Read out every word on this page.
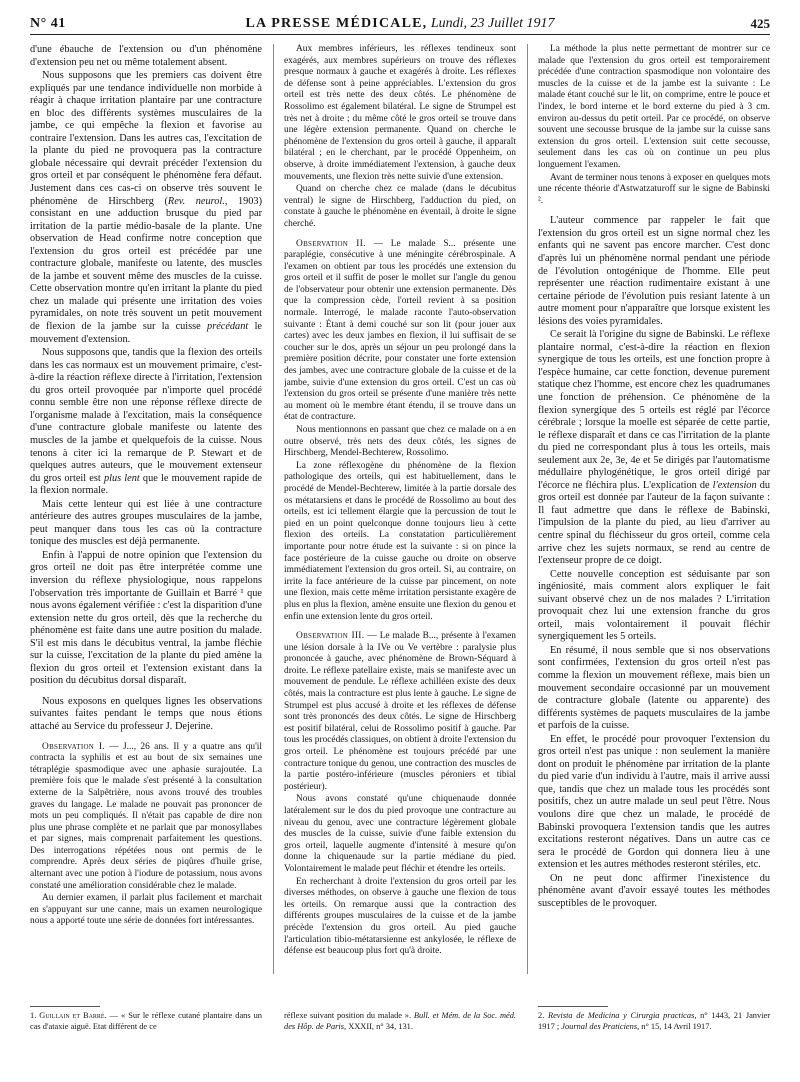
N° 41	LA PRESSE MÉDICALE, Lundi, 23 Juillet 1917	425

d'une ébauche de l'extension ou d'un phénomène d'extension peu net ou même totalement absent.

Nous supposons que les premiers cas doivent être expliqués par une tendance individuelle non morbide à réagir à chaque irritation plantaire par une contracture en bloc des différents systèmes musculaires de la jambe, ce qui empêche la flexion et favorise au contraire l'extension. Dans les autres cas, l'excitation de la plante du pied ne provoquera pas la contracture globale nécessaire qui devrait précéder l'extension du gros orteil et par conséquent le phénomène fera défaut. Justement dans ces cas-ci on observe très souvent le phénomène de Hirschberg (Rev. neurol., 1903) consistant en une adduction brusque du pied par irritation de la partie médio-basale de la plante. Une observation de Head confirme notre conception que l'extension du gros orteil est précédée par une contracture globale, manifeste ou latente, des muscles de la jambe et souvent même des muscles de la cuisse. Cette observation montre qu'en irritant la plante du pied chez un malade qui présente une irritation des voies pyramidales, on note très souvent un petit mouvement de flexion de la jambe sur la cuisse précédant le mouvement d'extension.

Nous supposons que, tandis que la flexion des orteils dans les cas normaux est un mouvement primaire, c'est-à-dire la réaction réflexe directe à l'irritation, l'extension du gros orteil provoquée par n'importe quel procédé connu semble être non une réponse réflexe directe de l'organisme malade à l'excitation, mais la conséquence d'une contracture globale manifeste ou latente des muscles de la jambe et quelquefois de la cuisse. Nous tenons à citer ici la remarque de P. Stewart et de quelques autres auteurs, que le mouvement extenseur du gros orteil est plus lent que le mouvement rapide de la flexion normale.

Mais cette lenteur qui est liée à une contracture antérieure des autres groupes musculaires de la jambe, peut manquer dans tous les cas où la contracture tonique des muscles est déjà permanente.

Enfin à l'appui de notre opinion que l'extension du gros orteil ne doit pas être interprétée comme une inversion du réflexe physiologique, nous rappelons l'observation très importante de Guillain et Barré ¹ que nous avons également vérifiée : c'est la disparition d'une extension nette du gros orteil, dès que la recherche du phénomène est faite dans une autre position du malade. S'il est mis dans le décubitus ventral, la jambe fléchie sur la cuisse, l'excitation de la plante du pied amène la flexion du gros orteil et l'extension existant dans la position du décubitus dorsal disparaît.

Nous exposons en quelques lignes les observations suivantes faites pendant le temps que nous étions attaché au Service du professeur J. Dejerine.

Observation I. — J..., 26 ans. Il y a quatre ans qu'il contracta la syphilis et est au bout de six semaines une tétraplégie spasmodique avec une aphasie surajoutée. La première fois que le malade s'est présenté à la consultation externe de la Salpêtrière, nous avons trouvé des troubles graves du langage. Le malade ne pouvait pas prononcer de mots un peu compliqués. Il n'était pas capable de dire non plus une phrase complète et ne parlait que par monosyllabes et par signes, mais comprenait parfaitement les questions. Des interrogations répétées nous ont permis de le comprendre. Après deux séries de piqûres d'huile grise, alternant avec une potion à l'iodure de potassium, nous avons constaté une amélioration considérable chez le malade.

Au dernier examen, il parlait plus facilement et marchait en s'appuyant sur une canne, mais un examen neurologique nous a apporté toute une série de données fort intéressantes.

Aux membres inférieurs, les réflexes tendineux sont exagérés, aux membres supérieurs on trouve des réflexes presque normaux à gauche et exagérés à droite. Les réflexes de défense sont à peine appréciables. L'extension du gros orteil est très nette des deux côtés. Le phénomène de Rossolimo est également bilatéral. Le signe de Strumpel est très net à droite ; du même côté le gros orteil se trouve dans une légère extension permanente. Quand on cherche le phénomène de l'extension du gros orteil à gauche, il apparaît bilatéral ; en le cherchant, par le procédé Oppenheim, on observe, à droite immédiatement l'extension, à gauche deux mouvements, une flexion très nette suivie d'une extension.

Quand on cherche chez ce malade (dans le décubitus ventral) le signe de Hirschberg, l'adduction du pied, on constate à gauche le phénomène en éventail, à droite le signe cherché.

Observation II. — Le malade S... présente une paraplégie, consécutive à une méningite cérébrospinale. A l'examen on obtient par tous les procédés une extension du gros orteil et il suffit de poser le mollet sur l'angle du genou de l'observateur pour obtenir une extension permanente. Dès que la compression cède, l'orteil revient à sa position normale. Interrogé, le malade raconte l'auto-observation suivante : Étant à demi couché sur son lit (pour jouer aux cartes) avec les deux jambes en flexion, il lui suffisait de se coucher sur le dos, après un séjour un peu prolongé dans la première position décrite, pour constater une forte extension des jambes, avec une contracture globale de la cuisse et de la jambe, suivie d'une extension du gros orteil. C'est un cas où l'extension du gros orteil se présente d'une manière très nette au moment où le membre étant étendu, il se trouve dans un état de contracture.

Nous mentionnons en passant que chez ce malade on a en outre observé, très nets des deux côtés, les signes de Hirschberg, Mendel-Bechterew, Rossolimo.

La zone réflexogène du phénomène de la flexion pathologique des orteils, qui est habituellement, dans le procédé de Mendel-Bechterew, limitée à la partie dorsale des os métatarsiens et dans le procédé de Rossolimo au bout des orteils, est ici tellement élargie que la percussion de tout le pied en un point quelconque donne toujours lieu à cette flexion des orteils. La constatation particulièrement importante pour notre étude est la suivante : si on pince la face postérieure de la cuisse gauche ou droite on observe immédiatement l'extension du gros orteil. Si, au contraire, on irrite la face antérieure de la cuisse par pincement, on note une flexion, mais cette même irritation persistante exagère de plus en plus la flexion, amène ensuite une flexion du genou et enfin une extension lente du gros orteil.

Observation III. — Le malade B..., présente à l'examen une lésion dorsale à la IVe ou Ve vertèbre : paralysie plus prononcée à gauche, avec phénomène de Brown-Séquard à droite. Le réflexe patellaire existe, mais se manifeste avec un mouvement de pendule. Le réflexe achilléen existe des deux côtés, mais la contracture est plus lente à gauche. Le signe de Strumpel est plus accusé à droite et les réflexes de défense sont très prononcés des deux côtés. Le signe de Hirschberg est positif bilatéral, celui de Rossolimo positif à gauche. Par tous les procédés classiques, on obtient à droite l'extension du gros orteil. Le phénomène est toujours précédé par une contracture tonique du genou, une contraction des muscles de la partie postéro-inférieure (muscles péroniers et tibial postérieur).

Nous avons constaté qu'une chiquenaude donnée latéralement sur le dos du pied provoque une contracture au niveau du genou, avec une contracture légèrement globale des muscles de la cuisse, suivie d'une faible extension du gros orteil, laquelle augmente d'intensité à mesure qu'on donne la chiquenaude sur la partie médiane du pied. Volontairement le malade peut fléchir et étendre les orteils.

En recherchant à droite l'extension du gros orteil par les diverses méthodes, on observe à gauche une flexion de tous les orteils. On remarque aussi que la contraction des différents groupes musculaires de la cuisse et de la jambe précède l'extension du gros orteil. Au pied gauche l'articulation tibio-métatarsienne est ankylosée, le réflexe de défense est beaucoup plus fort qu'à droite.

La méthode la plus nette permettant de montrer sur ce malade que l'extension du gros orteil est temporairement précédée d'une contraction spasmodique non volontaire des muscles de la cuisse et de la jambe est la suivante : Le malade étant couché sur le lit, on comprime, entre le pouce et l'index, le bord interne et le bord externe du pied à 3 cm. environ au-dessus du petit orteil. Par ce procédé, on observe souvent une secousse brusque de la jambe sur la cuisse sans extension du gros orteil. L'extension suit cette secousse, seulement dans les cas où on continue un peu plus longuement l'examen.

Avant de terminer nous tenons à exposer en quelques mots une récente théorie d'Astwatzaturoff sur le signe de Babinski ².

L'auteur commence par rappeler le fait que l'extension du gros orteil est un signe normal chez les enfants qui ne savent pas encore marcher. C'est donc d'après lui un phénomène normal pendant une période de l'évolution ontogénique de l'homme. Elle peut représenter une réaction rudimentaire existant à une certaine période de l'évolution puis resiant latente à un autre moment pour n'apparaître que lorsque existent les lésions des voies pyramidales.

Ce serait là l'origine du signe de Babinski. Le réflexe plantaire normal, c'est-à-dire la réaction en flexion synergique de tous les orteils, est une fonction propre à l'espèce humaine, car cette fonction, devenue purement statique chez l'homme, est encore chez les quadrumanes une fonction de préhension. Ce phénomène de la flexion synergique des 5 orteils est réglé par l'écorce cérébrale ; lorsque la moelle est séparée de cette partie, le réflexe disparaît et dans ce cas l'irritation de la plante du pied ne correspondant plus à tous les orteils, mais seulement aux 2e, 3e, 4e et 5e dirigés par l'automatisme médullaire phylogénétique, le gros orteil dirigé par l'écorce ne fléchira plus. L'explication de l'extension du gros orteil est donnée par l'auteur de la façon suivante : Il faut admettre que dans le réflexe de Babinski, l'impulsion de la plante du pied, au lieu d'arriver au centre spinal du fléchisseur du gros orteil, comme cela arrive chez les sujets normaux, se rend au centre de l'extenseur propre de ce doigt.

Cette nouvelle conception est séduisante par son ingéniosité, mais comment alors expliquer le fait suivant observé chez un de nos malades ? L'irritation provoquait chez lui une extension franche du gros orteil, mais volontairement il pouvait fléchir synergiquement les 5 orteils.

En résumé, il nous semble que si nos observations sont confirmées, l'extension du gros orteil n'est pas comme la flexion un mouvement réflexe, mais bien un mouvement secondaire occasionné par un mouvement de contracture globale (latente ou apparente) des différents systèmes de paquets musculaires de la jambe et parfois de la cuisse.

En effet, le procédé pour provoquer l'extension du gros orteil n'est pas unique : non seulement la manière dont on produit le phénomène par irritation de la plante du pied varie d'un individu à l'autre, mais il arrive aussi que, tandis que chez un malade tous les procédés sont positifs, chez un autre malade un seul peut l'être. Nous voulons dire que chez un malade, le procédé de Babinski provoquera l'extension tandis que les autres excitations resteront négatives. Dans un autre cas ce sera le procédé de Gordon qui donnera lieu à une extension et les autres méthodes resteront stériles, etc.

On ne peut donc affirmer l'inexistence du phénomène avant d'avoir essayé toutes les méthodes susceptibles de le provoquer.

1. Guillain et Barré. — « Sur le réflexe cutané plantaire dans un cas d'ataxie aiguë. Etat différent de ce
réflexe suivant position du malade ». Bull. et Mém. de la Soc. méd. des Hôp. de Paris, XXXII, n° 34, 131.
2. Revista de Medicina y Cirurgia practicas, n° 1443, 21 Janvier 1917 ; Journal des Praticiens, n° 15, 14 Avril 1917.
